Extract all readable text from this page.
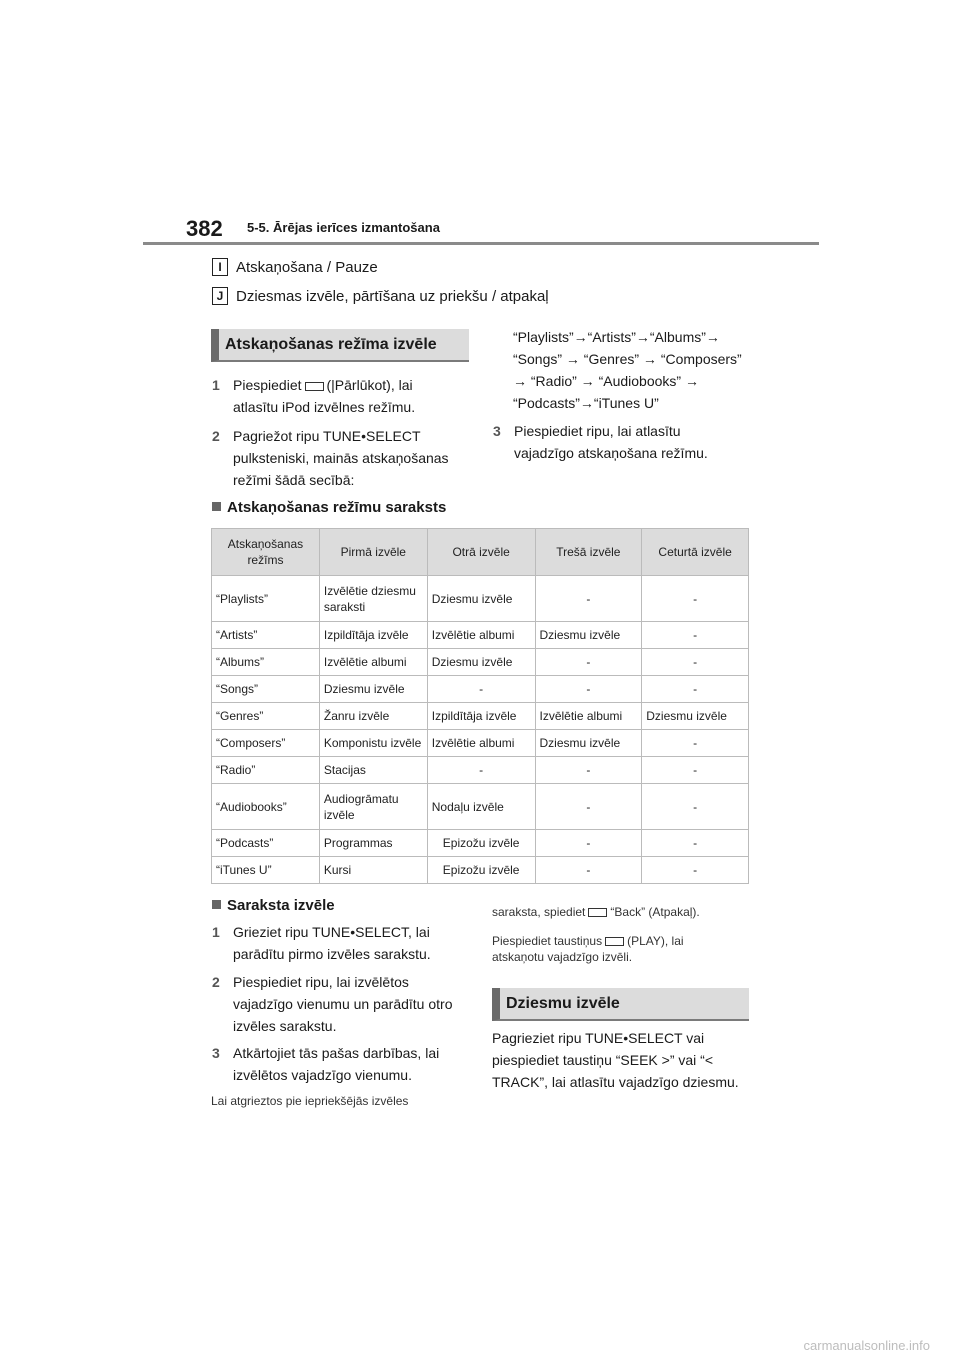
382 5-5. Ārējas ierīces izmantošana
I Atskaņošana / Pauze
J Dziesmas izvēle, pārtīšana uz priekšu / atpakaļ
Atskaņošanas režīma izvēle
1 Piespiediet (|Pārlūkot), lai
atlasītu iPod izvēlnes režīmu.
2 Pagriežot ripu TUNE•SELECT
pulksteniski, mainās atskaņošanas
režīmi šādā secībā:
“Playlists”→“Artists”→“Albums”→
“Songs” → “Genres” → “Composers”
→ “Radio” → “Audiobooks” →
“Podcasts”→“iTunes U”
3 Piespiediet ripu, lai atlasītu
vajadzīgo atskaņošana režīmu.
Atskaņošanas režīmu saraksts
Atskaņošanas režīms	Pirmā izvēle	Otrā izvēle	Trešā izvēle	Ceturtā izvēle
“Playlists”	Izvēlētie dziesmu saraksti	Dziesmu izvēle	-	-
“Artists”	Izpildītāja izvēle	Izvēlētie albumi	Dziesmu izvēle	-
“Albums”	Izvēlētie albumi	Dziesmu izvēle	-	-
“Songs”	Dziesmu izvēle	-	-	-
“Genres”	Žanru izvēle	Izpildītāja izvēle	Izvēlētie albumi	Dziesmu izvēle
“Composers”	Komponistu izvēle	Izvēlētie albumi	Dziesmu izvēle	-
“Radio”	Stacijas	-	-	-
“Audiobooks”	Audiogrāmatu izvēle	Nodaļu izvēle	-	-
“Podcasts”	Programmas	Epizožu izvēle	-	-
“iTunes U”	Kursi	Epizožu izvēle	-	-
Saraksta izvēle
1 Grieziet ripu TUNE•SELECT, lai
parādītu pirmo izvēles sarakstu.
2 Piespiediet ripu, lai izvēlētos
vajadzīgo vienumu un parādītu otro
izvēles sarakstu.
3 Atkārtojiet tās pašas darbības, lai
izvēlētos vajadzīgo vienumu.
Lai atgrieztos pie iepriekšējās izvēles
saraksta, spiediet “Back” (Atpakaļ).
Piespiediet taustiņus (PLAY), lai
atskaņotu vajadzīgo izvēli.
Dziesmu izvēle
Pagrieziet ripu TUNE•SELECT vai
piespiediet taustiņu “SEEK >” vai “<
TRACK”, lai atlasītu vajadzīgo dziesmu.
carmanualsonline.info
